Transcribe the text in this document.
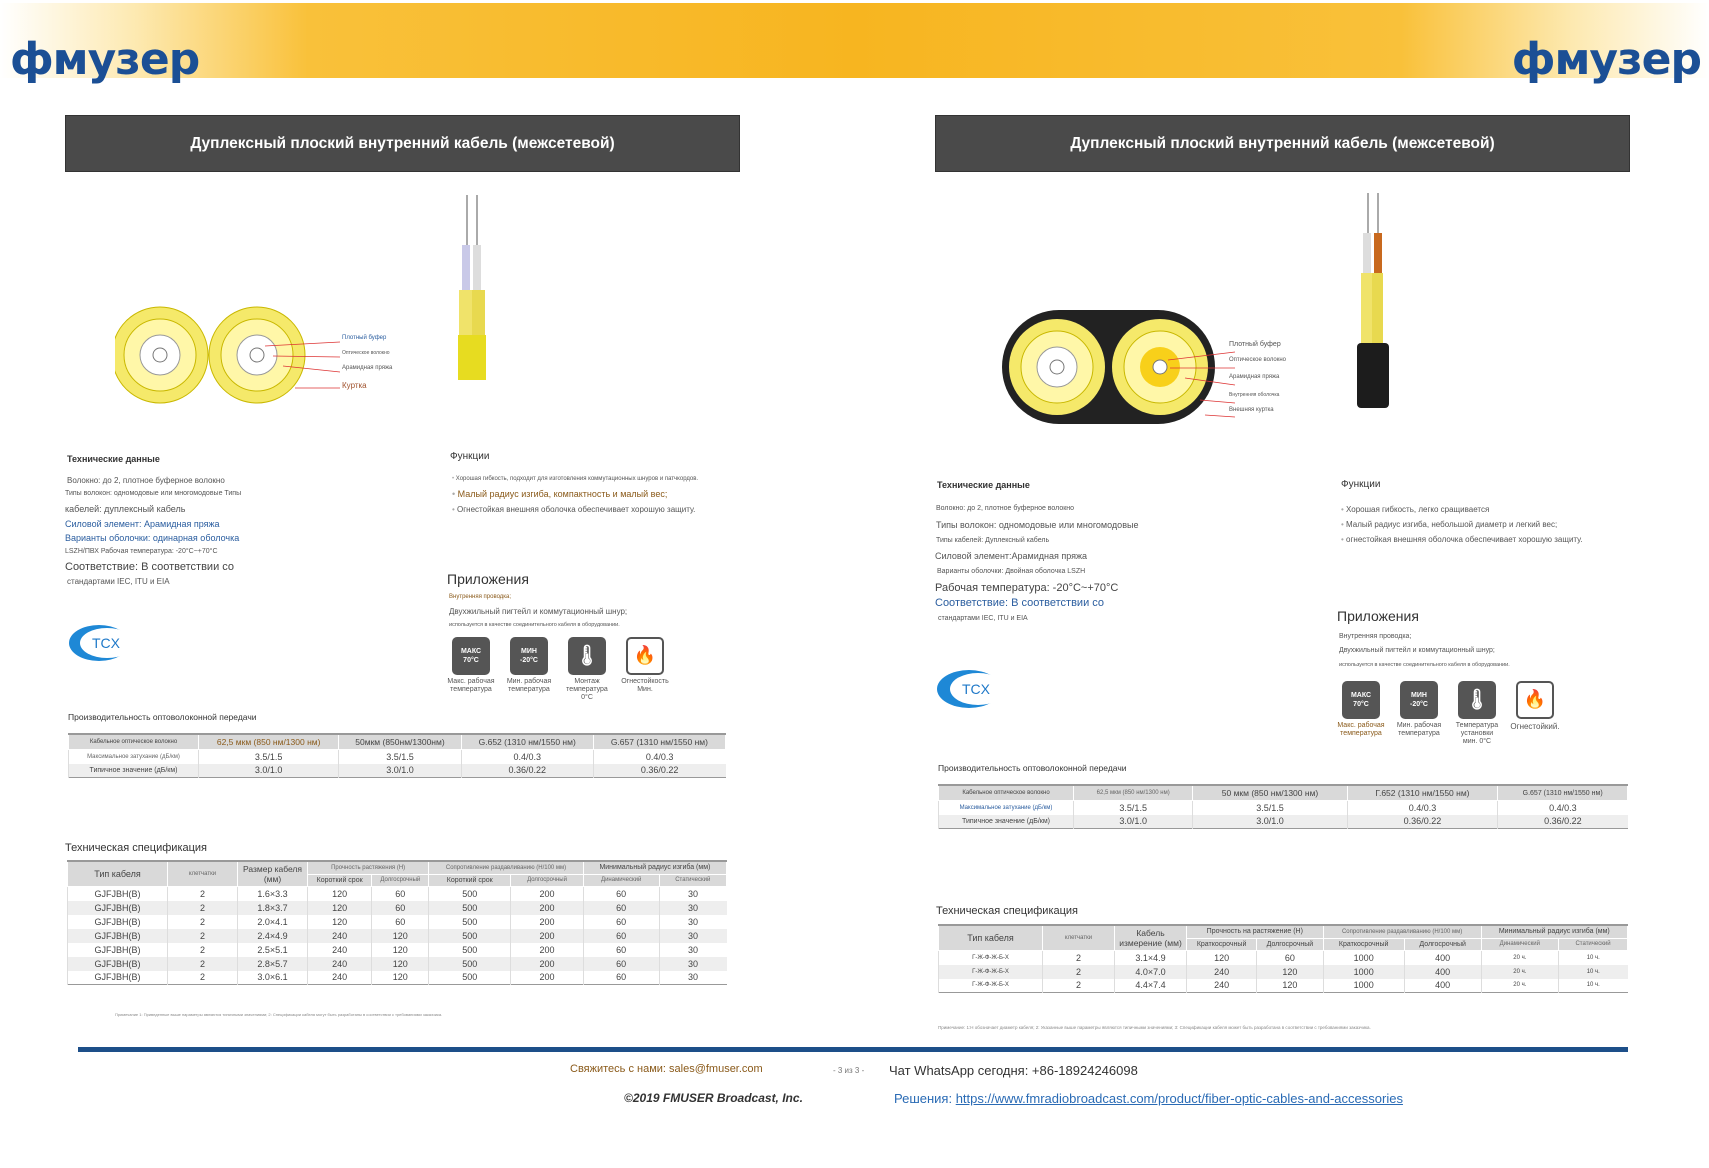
фмузер	фмузер
Дуплексный плоский внутренний кабель (межсетевой)
Плотный буфер
Оптическое волокно
Арамидная пряжа
Куртка
Технические данные
Волокно: до 2, плотное буферное волокно
Типы волокон: одномодовые или многомодовые Типы
кабелей: дуплексный кабель
Силовой элемент: Арамидная пряжа
Варианты оболочки: одинарная оболочка
LSZH/ПВХ Рабочая температура: -20°C~+70°C
Соответствие: В соответствии со
стандартами IEC, ITU и EIA
Функции
• Хорошая гибкость, подходит для изготовления коммутационных шнуров и патчкордов.
• Малый радиус изгиба, компактность и малый вес;
• Огнестойкая внешняя оболочка обеспечивает хорошую защиту.
Приложения
Внутренняя проводка;
Двухжильный пигтейл и коммутационный шнур;
используется в качестве соединительного кабеля в оборудовании.
МАКС
70°C
Макс. рабочая температура
МИН
-20°C
Мин. рабочая температура
🌡
Монтаж температура 0°C
🔥
Огнестойкость Мин.
TCX
Производительность оптоволоконной передачи
Кабельное оптическое волокно	62,5 мкм (850 нм/1300 нм)	50мкм (850нм/1300нм)	G.652 (1310 нм/1550 нм)	G.657 (1310 нм/1550 нм)
Максимальное затухание (дБ/км)	3.5/1.5	3.5/1.5	0.4/0.3	0.4/0.3
Типичное значение (дБ/км)	3.0/1.0	3.0/1.0	0.36/0.22	0.36/0.22
Техническая спецификация
Тип кабеля	клетчатки	Размер кабеля (мм)	Прочность растяжения (Н)		Сопротивление раздавливанию (Н/100 мм)		Минимальный радиус изгиба (мм)	
			Короткий срок	Долгосрочный	Короткий срок	Долгосрочный	Динамический	Статический
GJFJBH(B)	2	1.6×3.3	120	60	500	200	60	30
GJFJBH(B)	2	1.8×3.7	120	60	500	200	60	30
GJFJBH(B)	2	2.0×4.1	120	60	500	200	60	30
GJFJBH(B)	2	2.4×4.9	240	120	500	200	60	30
GJFJBH(B)	2	2.5×5.1	240	120	500	200	60	30
GJFJBH(B)	2	2.8×5.7	240	120	500	200	60	30
GJFJBH(B)	2	3.0×6.1	240	120	500	200	60	30
Примечание 1: Приведенные выше параметры являются типичными значениями; 2: Спецификации кабеля могут быть разработаны в соответствии с требованиями заказчика.
Дуплексный плоский внутренний кабель (межсетевой)
Плотный буфер
Оптическое волокно
Арамидная пряжа
Внутренняя оболочка
Внешняя куртка
Технические данные
Волокно: до 2, плотное буферное волокно
Типы волокон: одномодовые или многомодовые
Типы кабелей: Дуплексный кабель
Силовой элемент:Арамидная пряжа
Варианты оболочки: Двойная оболочка LSZH
Рабочая температура: -20°C~+70°C
Соответствие: В соответствии со
стандартами IEC, ITU и EIA
Функции
• Хорошая гибкость, легко сращивается
• Малый радиус изгиба, небольшой диаметр и легкий вес;
• огнестойкая внешняя оболочка обеспечивает хорошую защиту.
Приложения
Внутренняя проводка;
Двухжильный пигтейл и коммутационный шнур;
используется в качестве соединительного кабеля в оборудовании.
МАКС
70°C
Макс. рабочая температура
МИН
-20°C
Мин. рабочая температура
🌡
Температура установки мин. 0°C
🔥
Огнестойкий.
TCX
Производительность оптоволоконной передачи
Кабельное оптическое волокно	62,5 мкм (850 нм/1300 нм)	50 мкм (850 нм/1300 нм)	Г.652 (1310 нм/1550 нм)	G.657 (1310 нм/1550 нм)
Максимальное затухание (дБ/км)	3.5/1.5	3.5/1.5	0.4/0.3	0.4/0.3
Типичное значение (дБ/км)	3.0/1.0	3.0/1.0	0.36/0.22	0.36/0.22
Техническая спецификация
Тип кабеля	клетчатки	Кабель измерение (мм)	Прочность на растяжение (Н)		Сопротивление раздавливанию (Н/100 мм)		Минимальный радиус изгиба (мм)	
			Краткосрочный	Долгосрочный	Краткосрочный	Долгосрочный	Динамический	Статический
Г-Ж-Ф-Ж-Б-Х	2	3.1×4.9	120	60	1000	400	20 ч.	10 ч.
Г-Ж-Ф-Ж-Б-Х	2	4.0×7.0	240	120	1000	400	20 ч.	10 ч.
Г-Ж-Ф-Ж-Б-Х	2	4.4×7.4	240	120	1000	400	20 ч.	10 ч.
Примечание: 1:Н обозначает диаметр кабеля; 2: Указанные выше параметры являются типичными значениями; 3: Спецификации кабеля может быть разработана в соответствии с требованиями заказчика.
Свяжитесь с нами: sales@fmuser.com	- 3 из 3 - Чат WhatsApp сегодня: +86-18924246098
©2019 FMUSER Broadcast, Inc.	Решения: https://www.fmradiobroadcast.com/product/fiber-optic-cables-and-accessories
